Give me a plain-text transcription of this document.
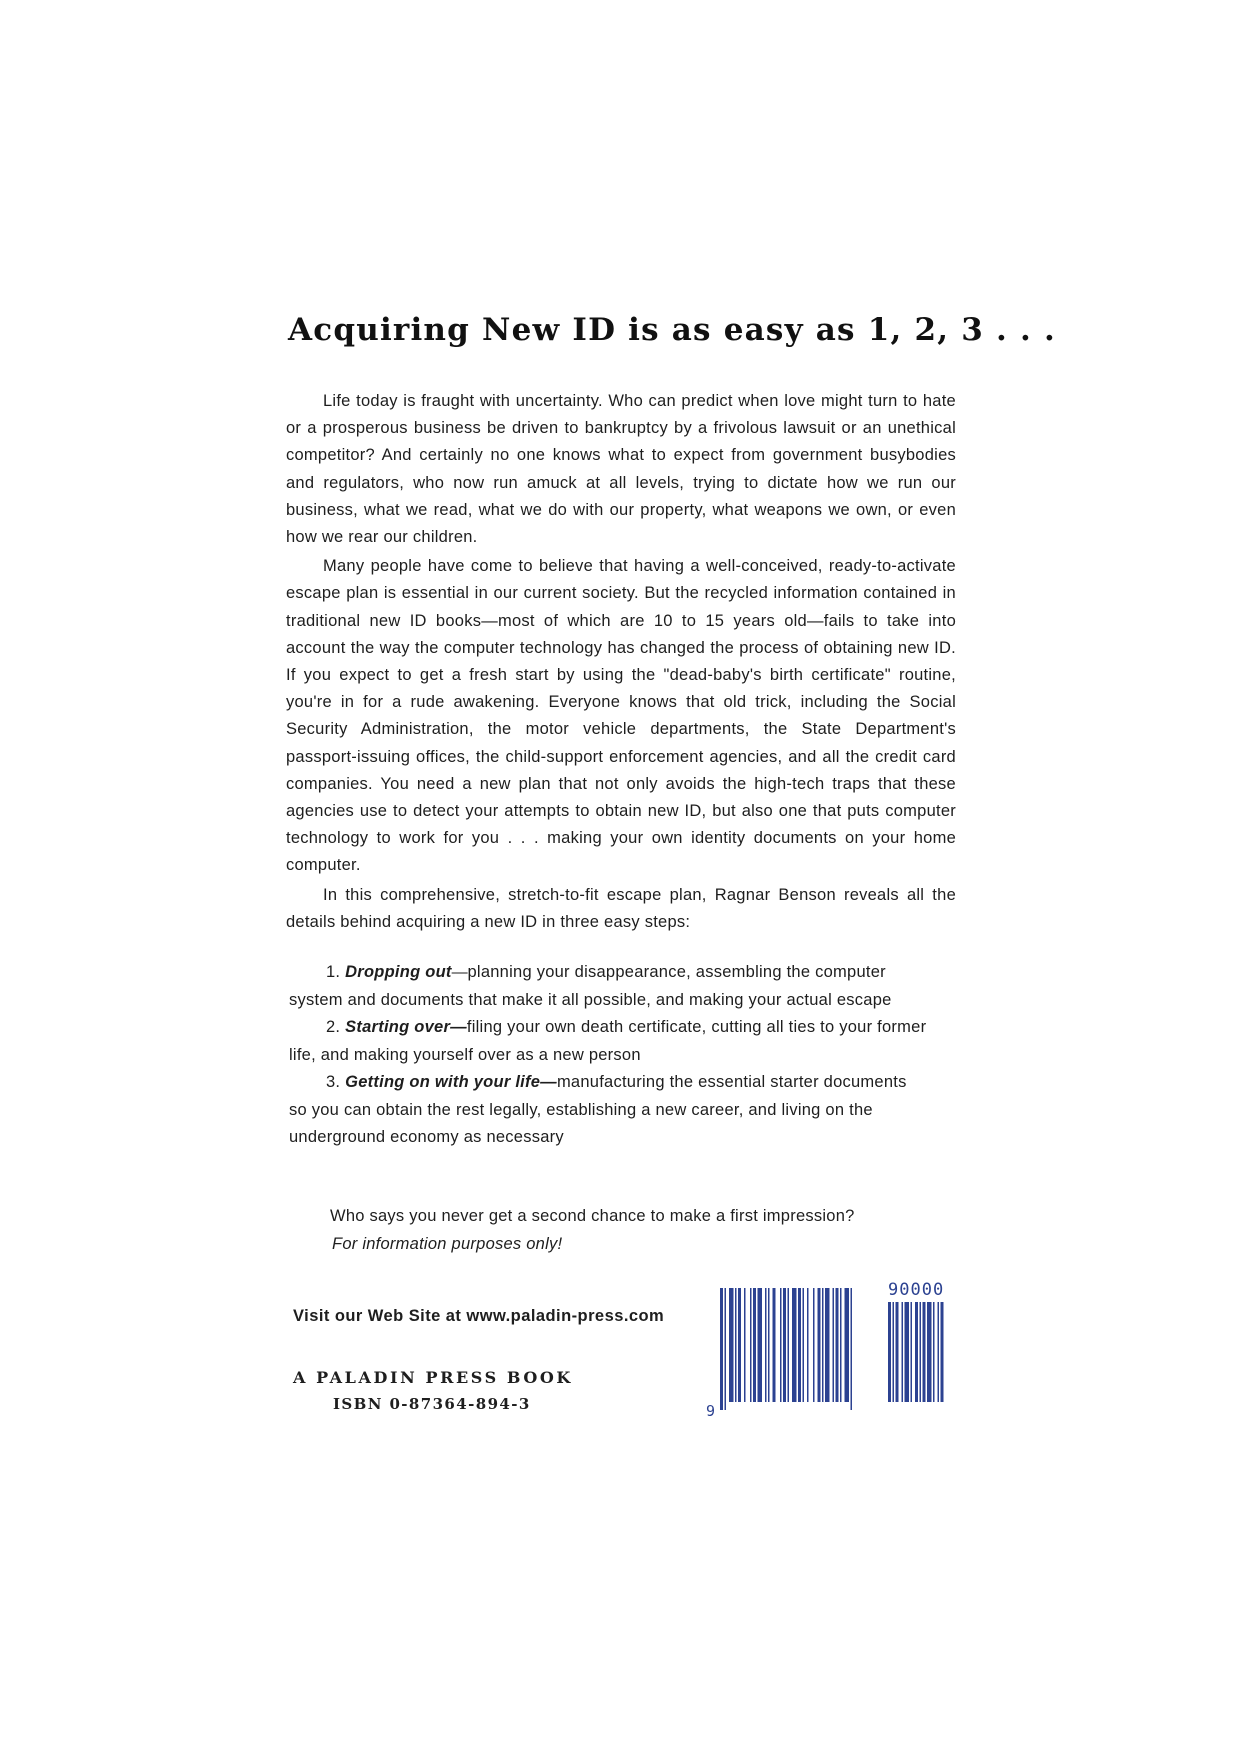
Acquiring New ID is as easy as 1, 2, 3 . . .

Life today is fraught with uncertainty. Who can predict when love might turn to hate or a prosperous business be driven to bankruptcy by a frivolous lawsuit or an unethical competitor? And certainly no one knows what to expect from government busybodies and regulators, who now run amuck at all levels, trying to dictate how we run our business, what we read, what we do with our property, what weapons we own, or even how we rear our children.

Many people have come to believe that having a well-conceived, ready-to-activate escape plan is essential in our current society. But the recycled information contained in traditional new ID books—most of which are 10 to 15 years old—fails to take into account the way the computer technology has changed the process of obtaining new ID. If you expect to get a fresh start by using the "dead-baby's birth certificate" routine, you're in for a rude awakening. Everyone knows that old trick, including the Social Security Administration, the motor vehicle departments, the State Department's passport-issuing offices, the child-support enforcement agencies, and all the credit card companies. You need a new plan that not only avoids the high-tech traps that these agencies use to detect your attempts to obtain new ID, but also one that puts computer technology to work for you . . . making your own identity documents on your home computer.

In this comprehensive, stretch-to-fit escape plan, Ragnar Benson reveals all the details behind acquiring a new ID in three easy steps:

1. Dropping out—planning your disappearance, assembling the computer system and documents that make it all possible, and making your actual escape

2. Starting over—filing your own death certificate, cutting all ties to your former life, and making yourself over as a new person

3. Getting on with your life—manufacturing the essential starter documents so you can obtain the rest legally, establishing a new career, and living on the underground economy as necessary

Who says you never get a second chance to make a first impression?

For information purposes only!

Visit our Web Site at www.paladin-press.com
A PALADIN PRESS BOOK
ISBN 0-87364-894-3
90000
9
